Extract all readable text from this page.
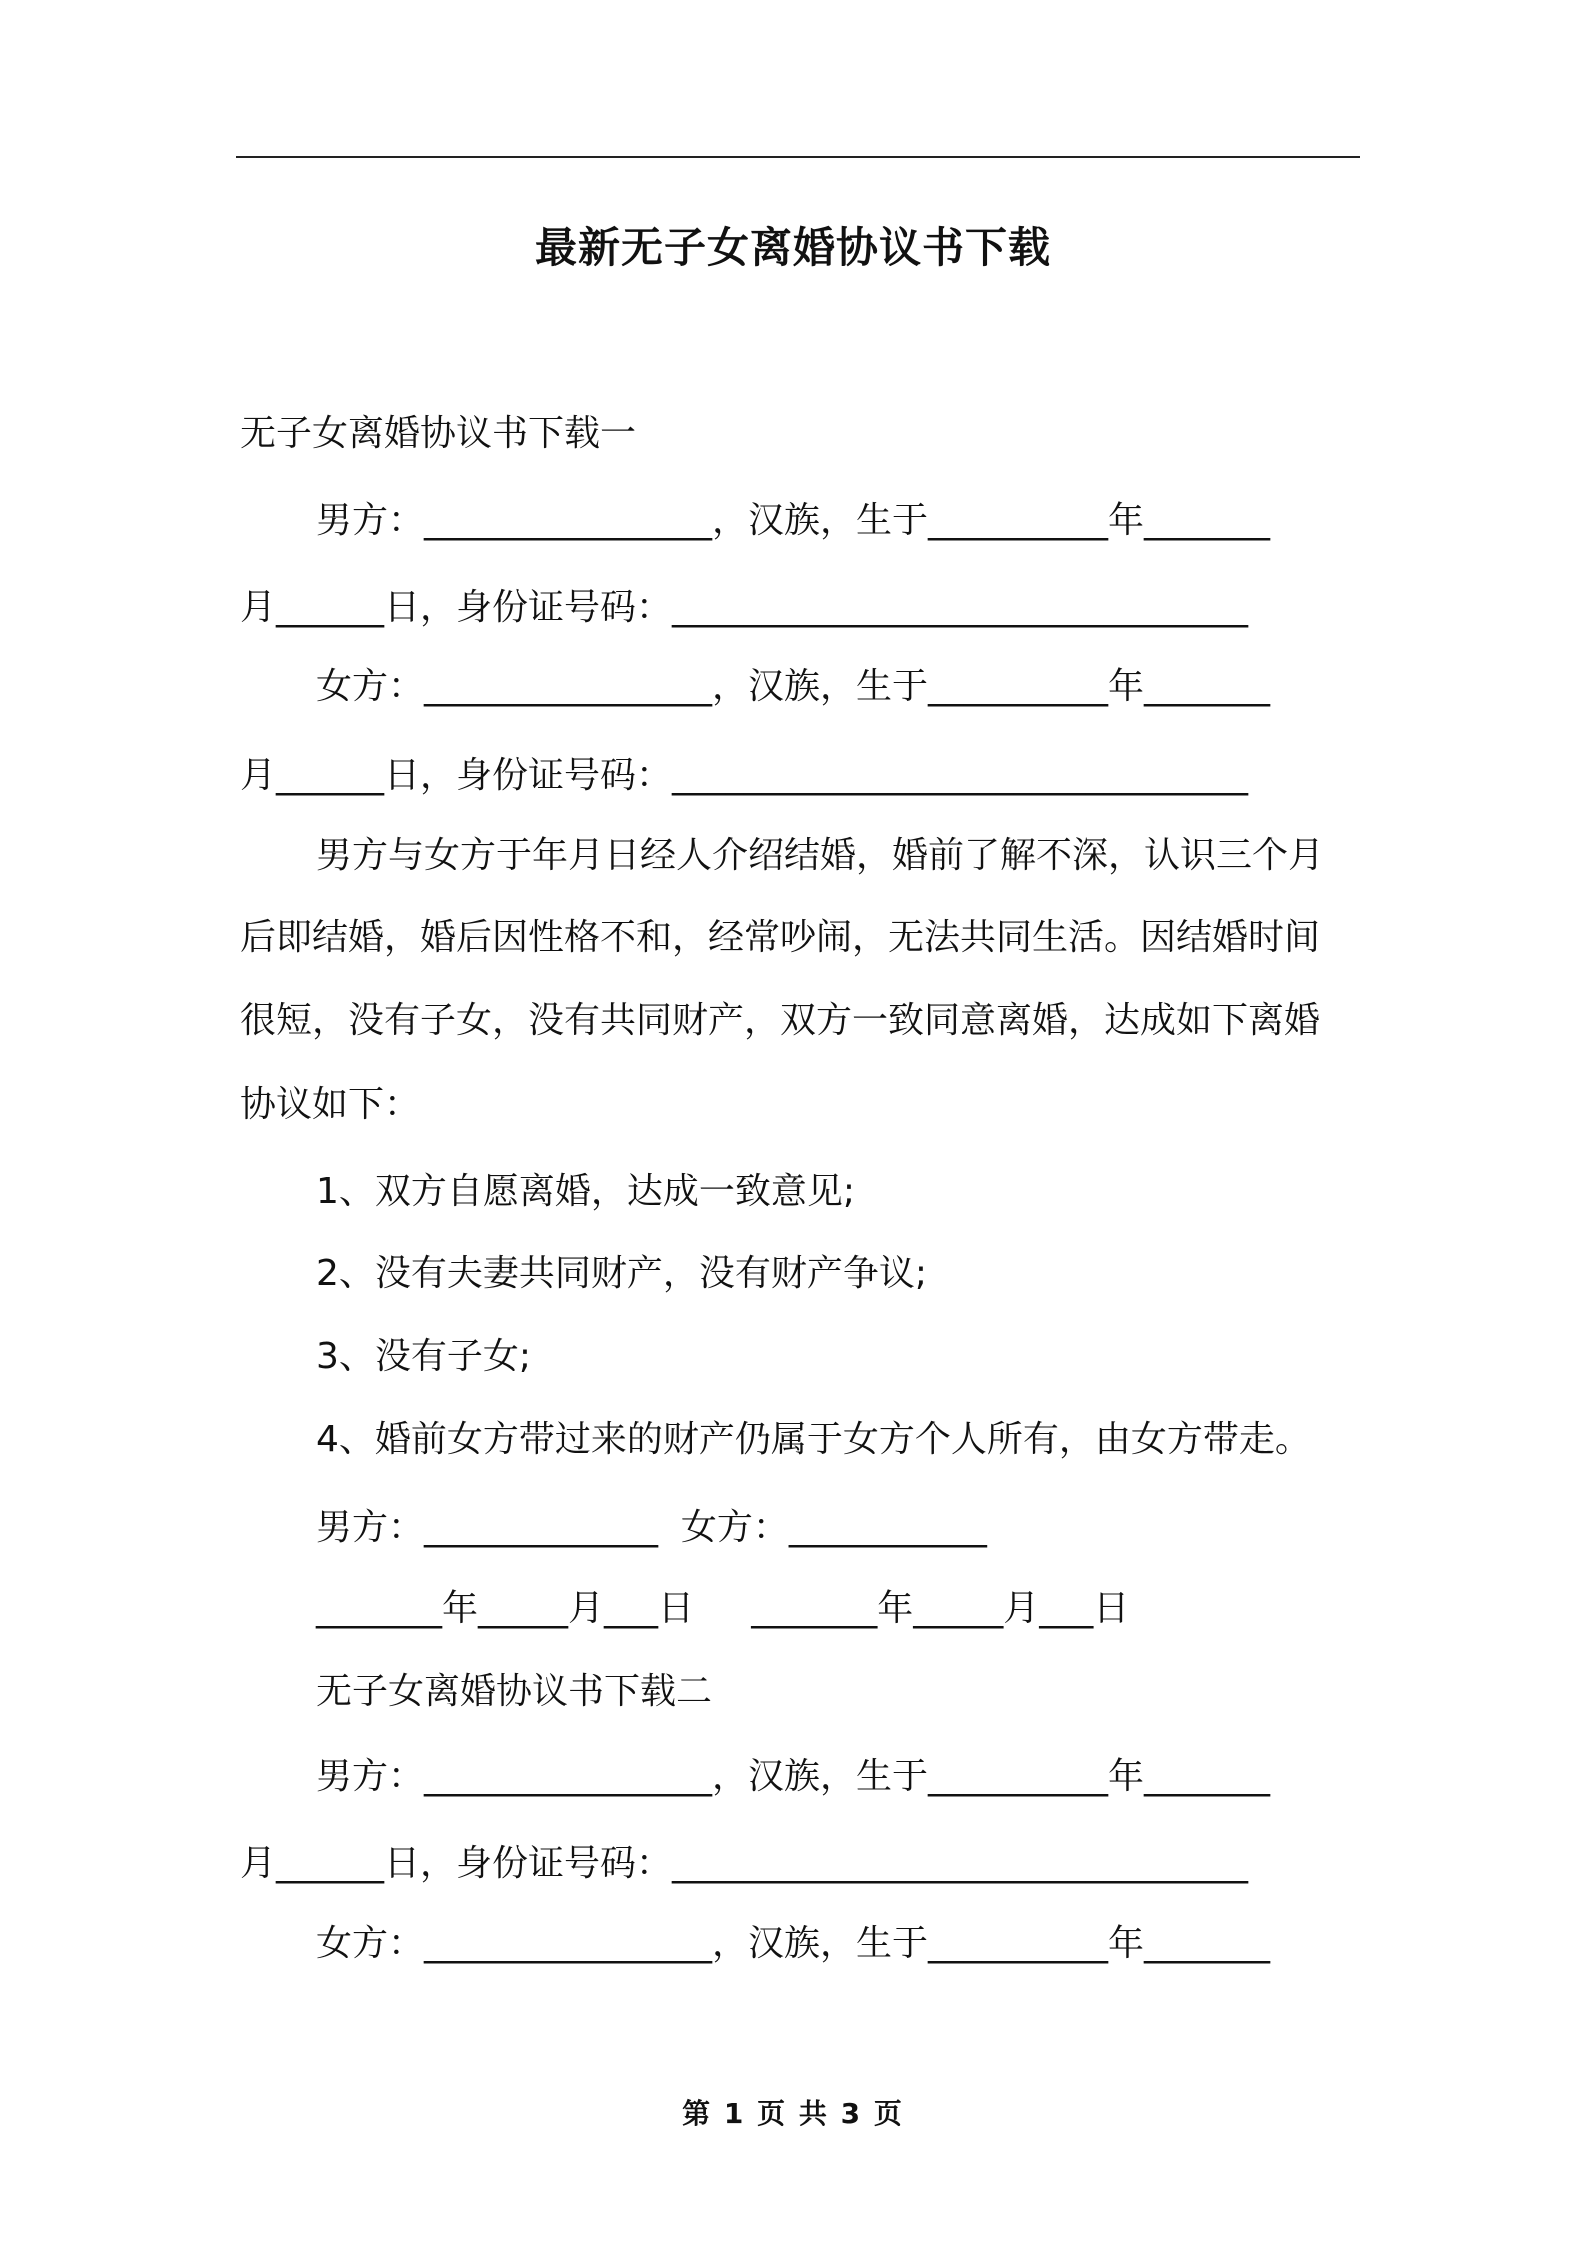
最新无子女离婚协议书下载
无子女离婚协议书下载一
男方：________________，汉族，生于__________年_______
月______日，身份证号码：________________________________
女方：________________，汉族，生于__________年_______
月______日，身份证号码：________________________________
男方与女方于年月日经人介绍结婚，婚前了解不深，认识三个月
后即结婚，婚后因性格不和，经常吵闹，无法共同生活。因结婚时间
很短，没有子女，没有共同财产，双方一致同意离婚，达成如下离婚
协议如下：
1、双方自愿离婚，达成一致意见;
2、没有夫妻共同财产，没有财产争议;
3、没有子女;
4、婚前女方带过来的财产仍属于女方个人所有，由女方带走。
男方：_____________  女方：___________
_______年_____月___日     _______年_____月___日
无子女离婚协议书下载二
男方：________________，汉族，生于__________年_______
月______日，身份证号码：________________________________
女方：________________，汉族，生于__________年_______
第 1 页 共 3 页
